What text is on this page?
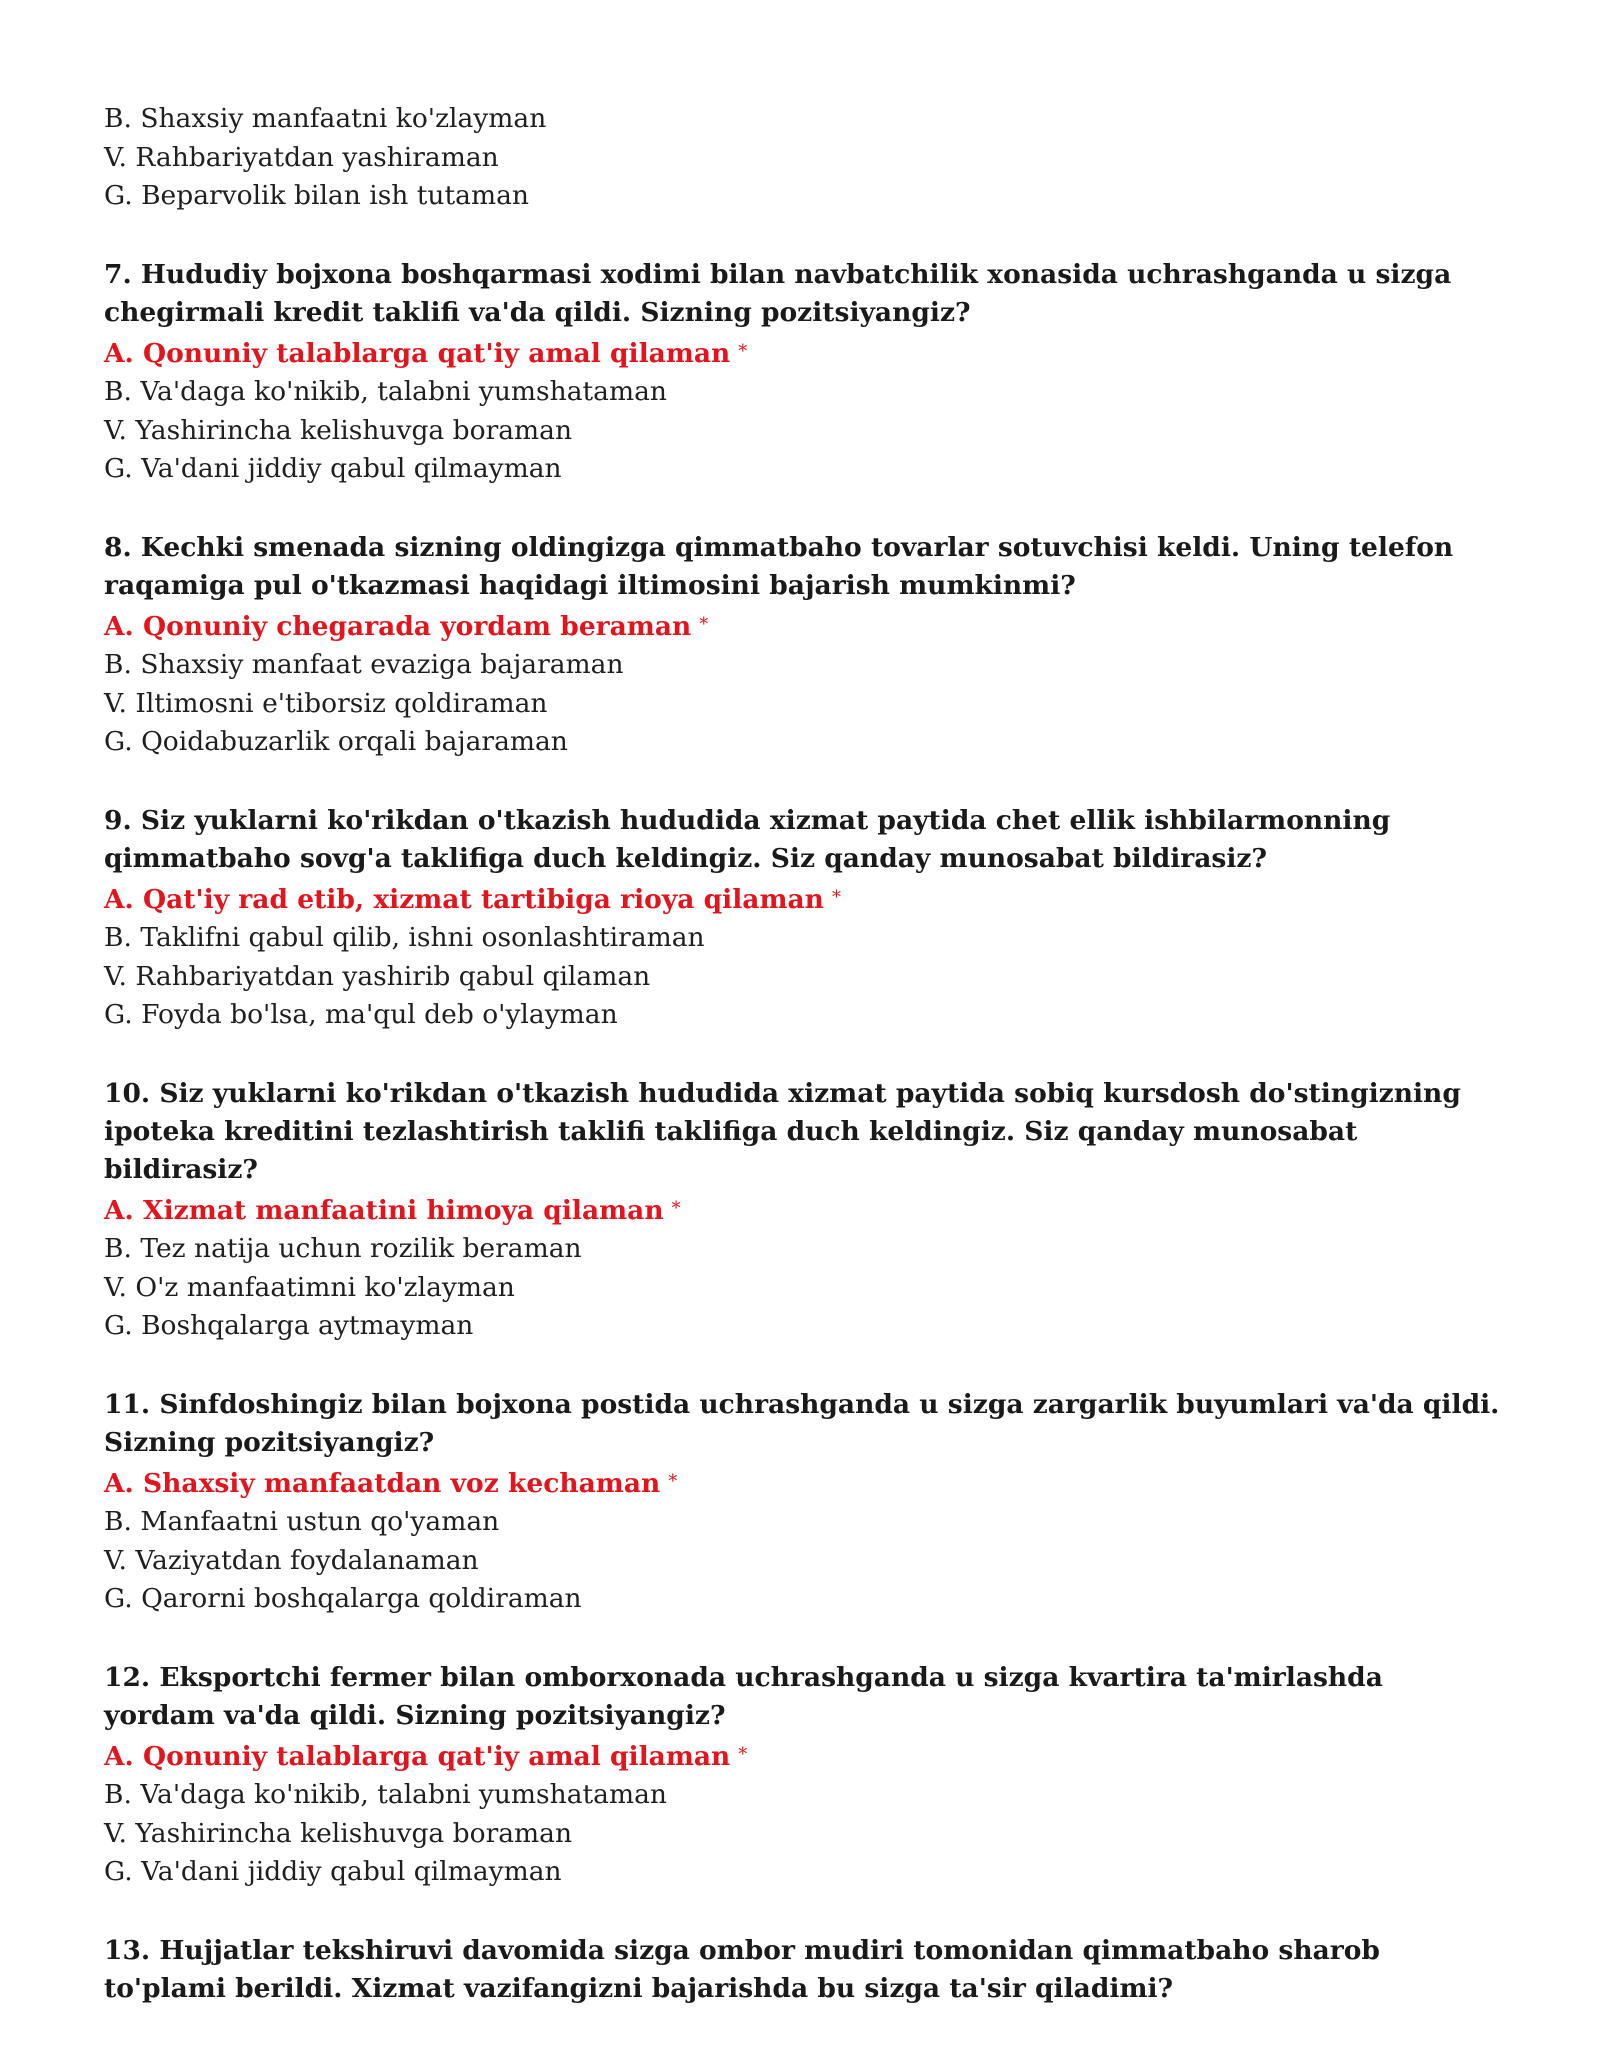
B. Shaxsiy manfaatni ko'zlayman
V. Rahbariyatdan yashiraman
G. Beparvolik bilan ish tutaman
7. Hududiy bojxona boshqarmasi xodimi bilan navbatchilik xonasida uchrashganda u sizga chegirmali kredit taklifi va'da qildi. Sizning pozitsiyangiz?
A. Qonuniy talablarga qat'iy amal qilaman *
B. Va'daga ko'nikib, talabni yumshataman
V. Yashirincha kelishuvga boraman
G. Va'dani jiddiy qabul qilmayman
8. Kechki smenada sizning oldingizga qimmatbaho tovarlar sotuvchisi keldi. Uning telefon raqamiga pul o'tkazmasi haqidagi iltimosini bajarish mumkinmi?
A. Qonuniy chegarada yordam beraman *
B. Shaxsiy manfaat evaziga bajaraman
V. Iltimosni e'tiborsiz qoldiraman
G. Qoidabuzarlik orqali bajaraman
9. Siz yuklarni ko'rikdan o'tkazish hududida xizmat paytida chet ellik ishbilarmonning qimmatbaho sovg'a taklifiga duch keldingiz. Siz qanday munosabat bildirasiz?
A. Qat'iy rad etib, xizmat tartibiga rioya qilaman *
B. Taklifni qabul qilib, ishni osonlashtiraman
V. Rahbariyatdan yashirib qabul qilaman
G. Foyda bo'lsa, ma'qul deb o'ylayman
10. Siz yuklarni ko'rikdan o'tkazish hududida xizmat paytida sobiq kursdosh do'stingizning ipoteka kreditini tezlashtirish taklifi taklifiga duch keldingiz. Siz qanday munosabat bildirasiz?
A. Xizmat manfaatini himoya qilaman *
B. Tez natija uchun rozilik beraman
V. O'z manfaatimni ko'zlayman
G. Boshqalarga aytmayman
11. Sinfdoshingiz bilan bojxona postida uchrashganda u sizga zargarlik buyumlari va'da qildi. Sizning pozitsiyangiz?
A. Shaxsiy manfaatdan voz kechaman *
B. Manfaatni ustun qo'yaman
V. Vaziyatdan foydalanaman
G. Qarorni boshqalarga qoldiraman
12. Eksportchi fermer bilan omborxonada uchrashganda u sizga kvartira ta'mirlashda yordam va'da qildi. Sizning pozitsiyangiz?
A. Qonuniy talablarga qat'iy amal qilaman *
B. Va'daga ko'nikib, talabni yumshataman
V. Yashirincha kelishuvga boraman
G. Va'dani jiddiy qabul qilmayman
13. Hujjatlar tekshiruvi davomida sizga ombor mudiri tomonidan qimmatbaho sharob to'plami berildi. Xizmat vazifangizni bajarishda bu sizga ta'sir qiladimi?
